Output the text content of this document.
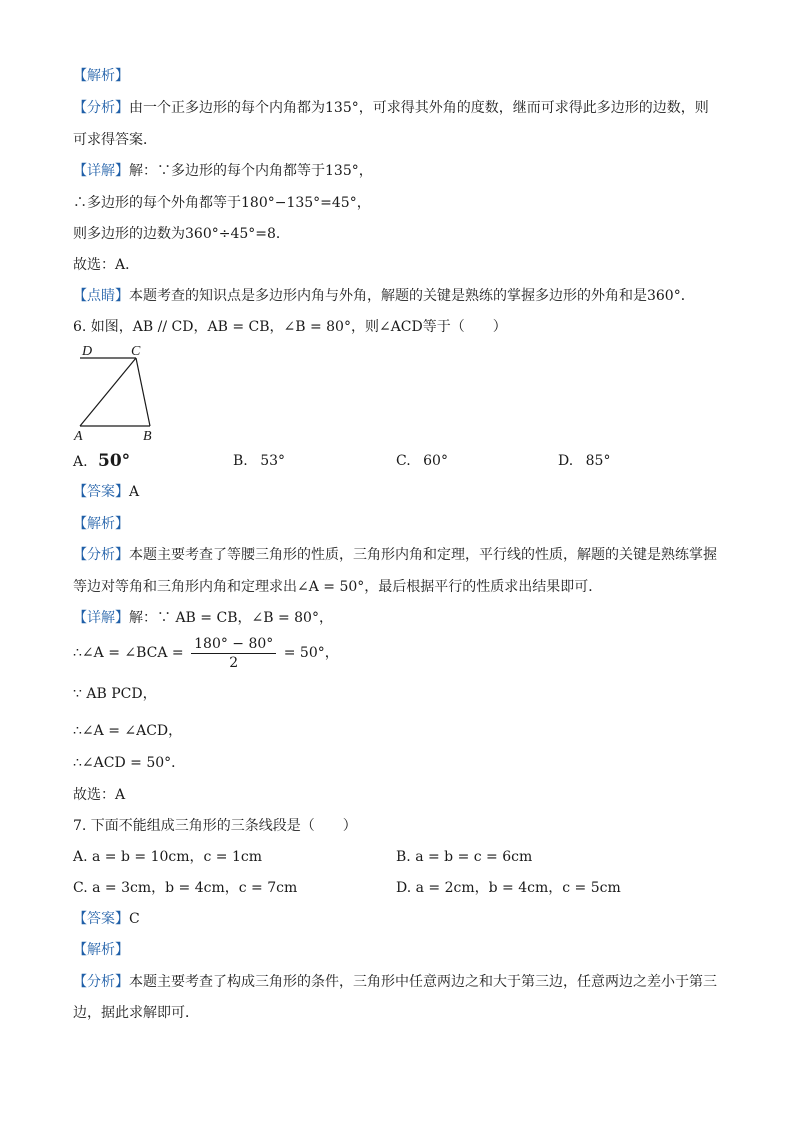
【解析】
【分析】由一个正多边形的每个内角都为135°，可求得其外角的度数，继而可求得此多边形的边数，则
可求得答案．
【详解】解：∵多边形的每个内角都等于135°，
∴多边形的每个外角都等于180°−135°=45°，
则多边形的边数为360°÷45°=8．
故选：A．
【点睛】本题考查的知识点是多边形内角与外角，解题的关键是熟练的掌握多边形的外角和是360°．
6. 如图，AB // CD，AB = CB，∠B = 80°，则∠ACD等于（　　）
D	C
A	B
A. 50°	B. 53°	C. 60°	D. 85°
【答案】A
【解析】
【分析】本题主要考查了等腰三角形的性质，三角形内角和定理，平行线的性质，解题的关键是熟练掌握
等边对等角和三角形内角和定理求出∠A = 50°，最后根据平行的性质求出结果即可．
【详解】解：∵ AB = CB，∠B = 80°，
∴∠A = ∠BCA = $\frac{180^\circ - 80^\circ}{2} = 50^\circ$，
∵ AB PCD，
∴∠A = ∠ACD，
∴∠ACD = 50°．
故选：A
7. 下面不能组成三角形的三条线段是（　　）
A. a = b = 10cm，c = 1cm	B. a = b = c = 6cm
C. a = 3cm，b = 4cm，c = 7cm	D. a = 2cm，b = 4cm，c = 5cm
【答案】C
【解析】
【分析】本题主要考查了构成三角形的条件，三角形中任意两边之和大于第三边，任意两边之差小于第三
边，据此求解即可．
